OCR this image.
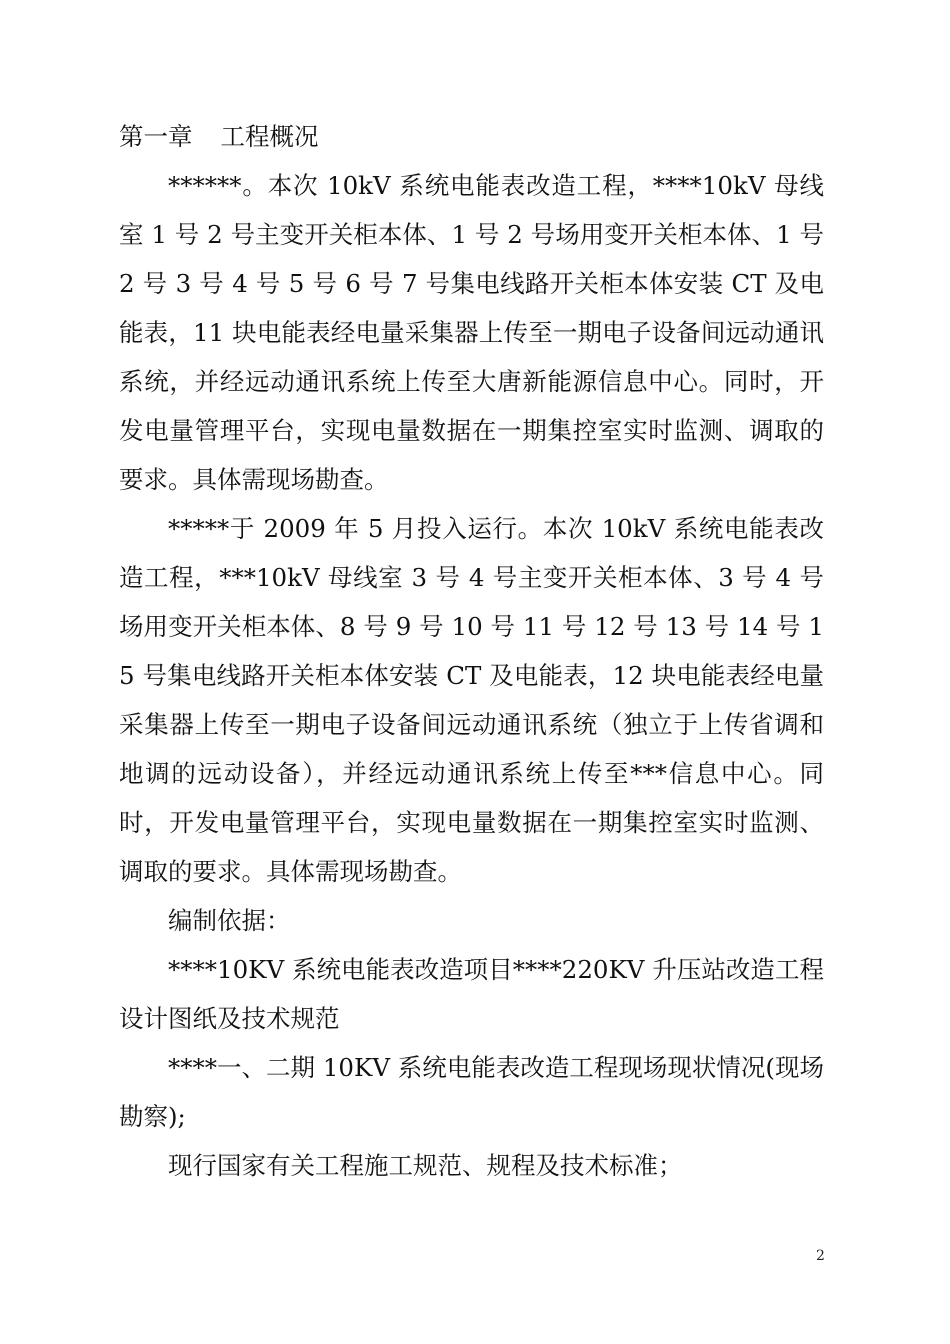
第一章 工程概况

******。本次 10kV 系统电能表改造工程，****10kV 母线室 1 号 2 号主变开关柜本体、1 号 2 号场用变开关柜本体、1 号 2 号 3 号 4 号 5 号 6 号 7 号集电线路开关柜本体安装 CT 及电能表，11 块电能表经电量采集器上传至一期电子设备间远动通讯系统，并经远动通讯系统上传至大唐新能源信息中心。同时，开发电量管理平台，实现电量数据在一期集控室实时监测、调取的要求。具体需现场勘查。

*****于 2009 年 5 月投入运行。本次 10kV 系统电能表改造工程，***10kV 母线室 3 号 4 号主变开关柜本体、3 号 4 号场用变开关柜本体、8 号 9 号 10 号 11 号 12 号 13 号 14 号 15 号集电线路开关柜本体安装 CT 及电能表，12 块电能表经电量采集器上传至一期电子设备间远动通讯系统（独立于上传省调和地调的远动设备），并经远动通讯系统上传至***信息中心。同时，开发电量管理平台，实现电量数据在一期集控室实时监测、调取的要求。具体需现场勘查。

编制依据：

****10KV 系统电能表改造项目****220KV 升压站改造工程设计图纸及技术规范

****一、二期 10KV 系统电能表改造工程现场现状情况(现场勘察);

现行国家有关工程施工规范、规程及技术标准；

2
